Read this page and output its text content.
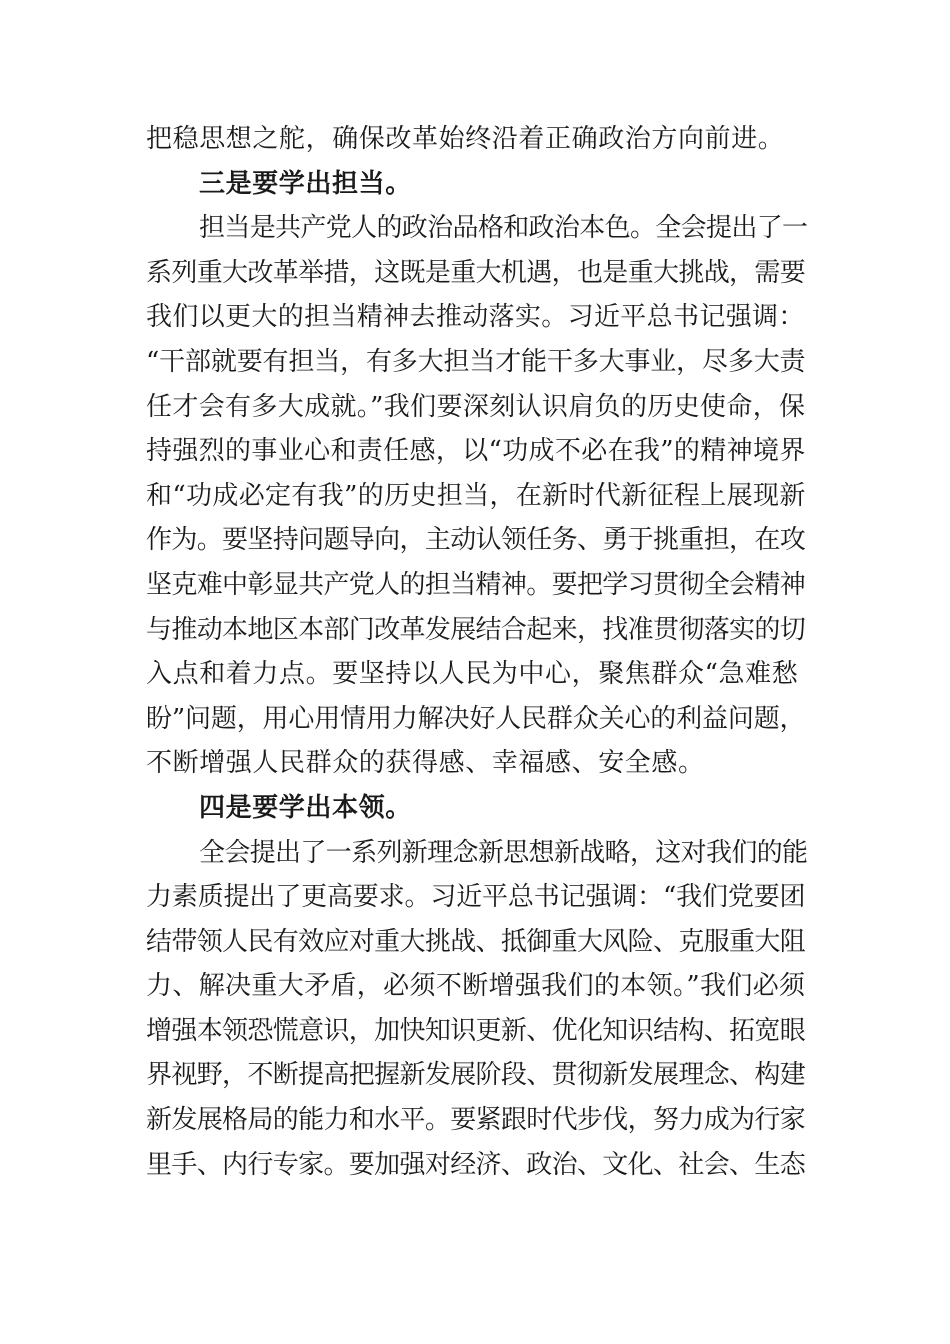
把稳思想之舵，确保改革始终沿着正确政治方向前进。
三是要学出担当。
担当是共产党人的政治品格和政治本色。全会提出了一
系列重大改革举措，这既是重大机遇，也是重大挑战，需要
我们以更大的担当精神去推动落实。习近平总书记强调：
“干部就要有担当，有多大担当才能干多大事业，尽多大责
任才会有多大成就。”我们要深刻认识肩负的历史使命，保
持强烈的事业心和责任感，以“功成不必在我”的精神境界
和“功成必定有我”的历史担当，在新时代新征程上展现新
作为。要坚持问题导向，主动认领任务、勇于挑重担，在攻
坚克难中彰显共产党人的担当精神。要把学习贯彻全会精神
与推动本地区本部门改革发展结合起来，找准贯彻落实的切
入点和着力点。要坚持以人民为中心，聚焦群众“急难愁
盼”问题，用心用情用力解决好人民群众关心的利益问题，
不断增强人民群众的获得感、幸福感、安全感。
四是要学出本领。
全会提出了一系列新理念新思想新战略，这对我们的能
力素质提出了更高要求。习近平总书记强调：“我们党要团
结带领人民有效应对重大挑战、抵御重大风险、克服重大阻
力、解决重大矛盾，必须不断增强我们的本领。”我们必须
增强本领恐慌意识，加快知识更新、优化知识结构、拓宽眼
界视野，不断提高把握新发展阶段、贯彻新发展理念、构建
新发展格局的能力和水平。要紧跟时代步伐，努力成为行家
里手、内行专家。要加强对经济、政治、文化、社会、生态
